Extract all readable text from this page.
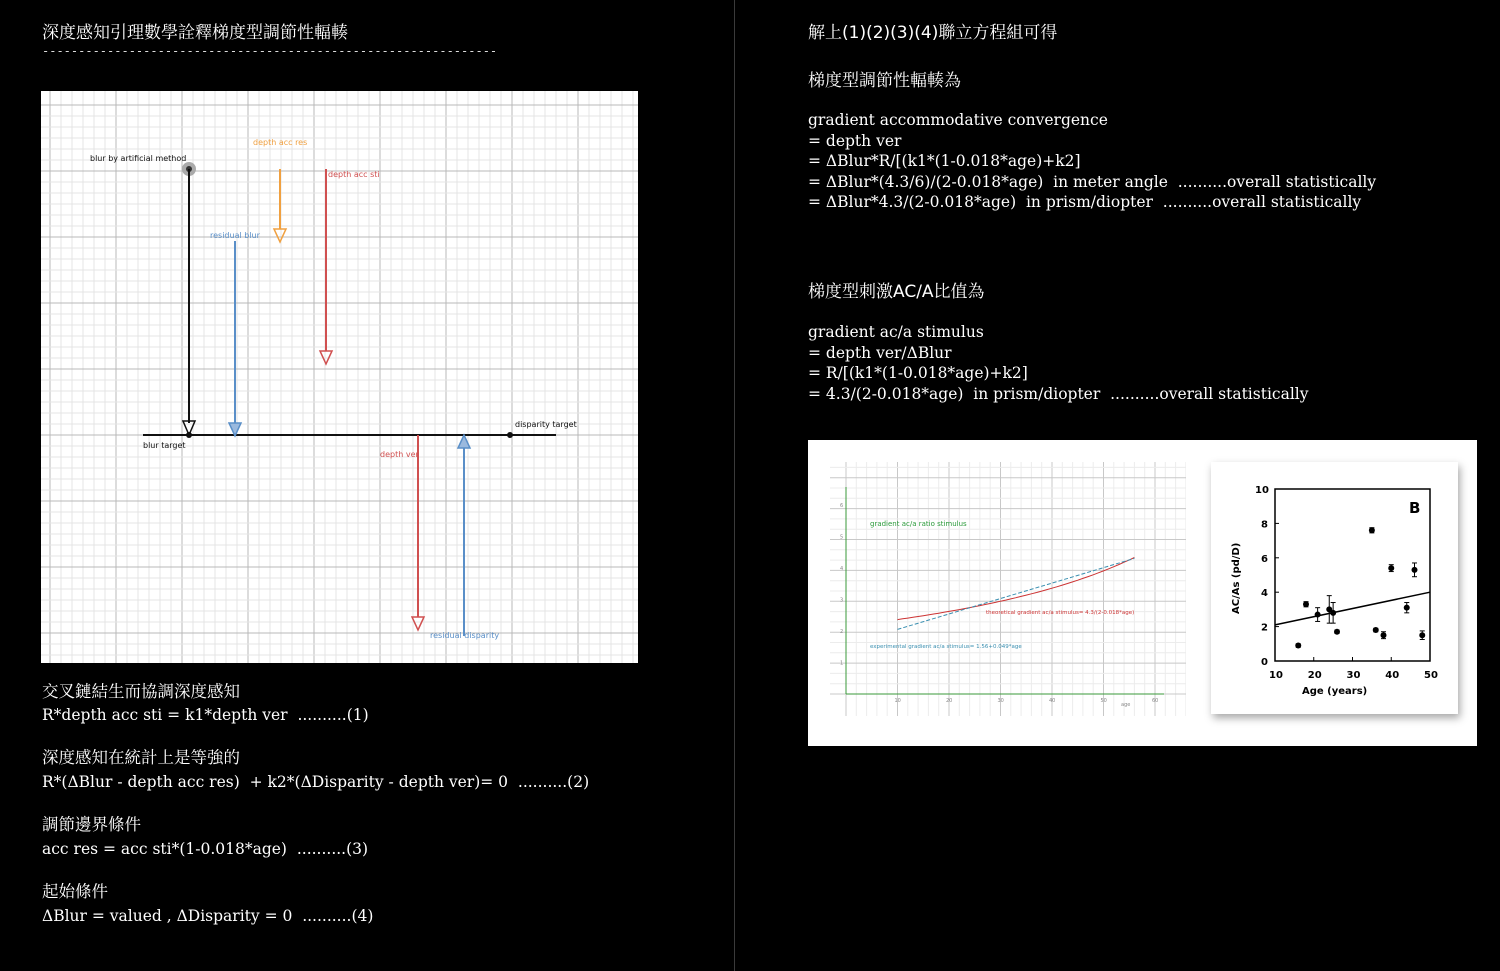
深度感知引理數學詮釋梯度型調節性輻輳
---------------------------------------------------------------
blur by artificial method
depth acc res
depth acc sti
residual blur
blur target
disparity target
depth ver
residual disparity
交叉鏈結生而協調深度感知
R*depth acc sti = k1*depth ver  ..........(1)
深度感知在統計上是等強的
R*(ΔBlur - depth acc res)  + k2*(ΔDisparity - depth ver)= 0  ..........(2)
調節邊界條件
acc res = acc sti*(1-0.018*age)  ..........(3)
起始條件
ΔBlur = valued , ΔDisparity = 0  ..........(4)
解上(1)(2)(3)(4)聯立方程組可得
梯度型調節性輻輳為
gradient accommodative convergence
= depth ver
= ΔBlur*R/[(k1*(1-0.018*age)+k2]
= ΔBlur*(4.3/6)/(2-0.018*age)  in meter angle  ..........overall statistically
= ΔBlur*4.3/(2-0.018*age)  in prism/diopter  ..........overall statistically
梯度型刺激AC/A比值為
gradient ac/a stimulus
= depth ver/ΔBlur
= R/[(k1*(1-0.018*age)+k2]
= 4.3/(2-0.018*age)  in prism/diopter  ..........overall statistically
10	20	30	40	50	60
1
2
3
4
5
6
gradient ac/a ratio stimulus
theoretical gradient ac/a stimulus= 4.3/(2-0.018*age)
experimental gradient ac/a stimulus= 1.56+0.049*age
age
10 20 30 40 50
0
2
4
6
8
10
B
Age (years)
AC/As (pd/D)
